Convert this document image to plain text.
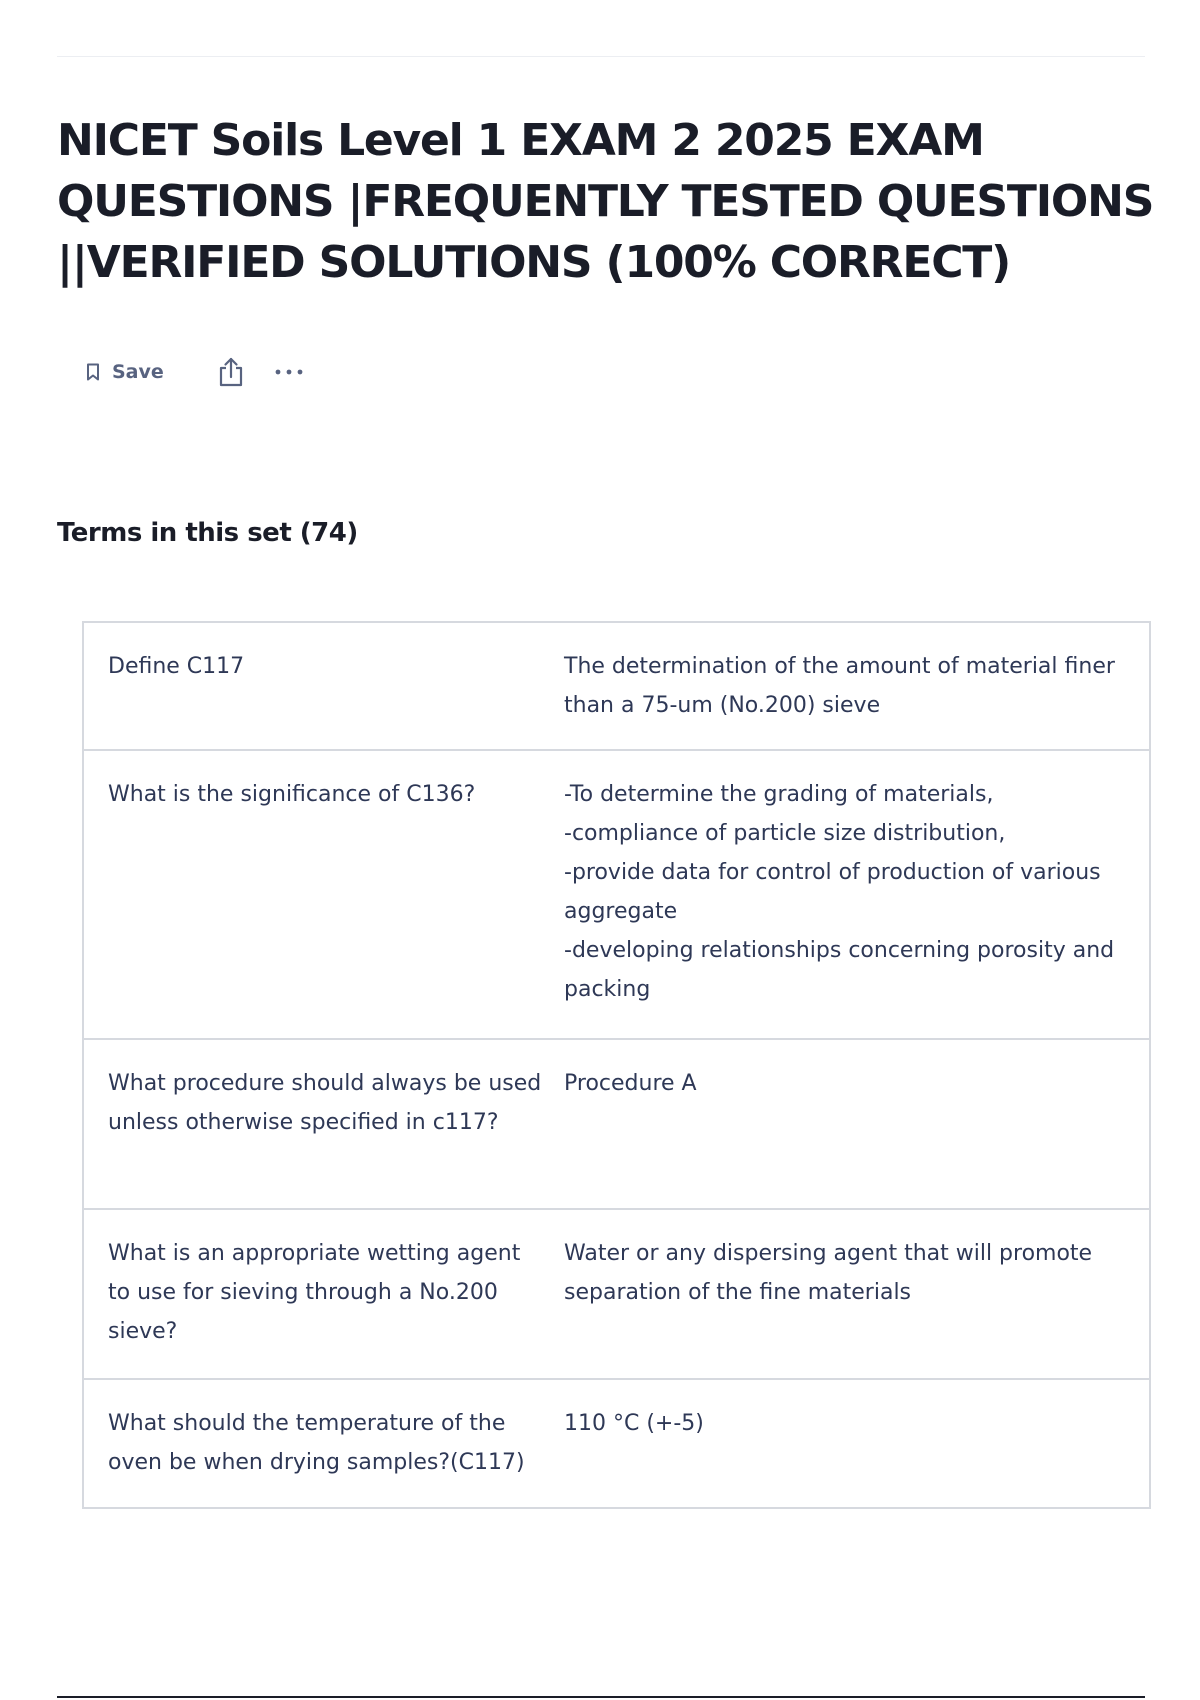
NICET Soils Level 1 EXAM 2 2025 EXAM QUESTIONS |FREQUENTLY TESTED QUESTIONS ||VERIFIED SOLUTIONS (100% CORRECT)
Save
Terms in this set (74)
Define C117	The determination of the amount of material finer than a 75-um (No.200) sieve
What is the significance of C136?	-To determine the grading of materials,
-compliance of particle size distribution,
-provide data for control of production of various aggregate
-developing relationships concerning porosity and packing
What procedure should always be used unless otherwise specified in c117?
Procedure A
What is an appropriate wetting agent to use for sieving through a No.200 sieve?
Water or any dispersing agent that will promote separation of the fine materials
What should the temperature of the oven be when drying samples?(C117)
110 °C (+-5)
